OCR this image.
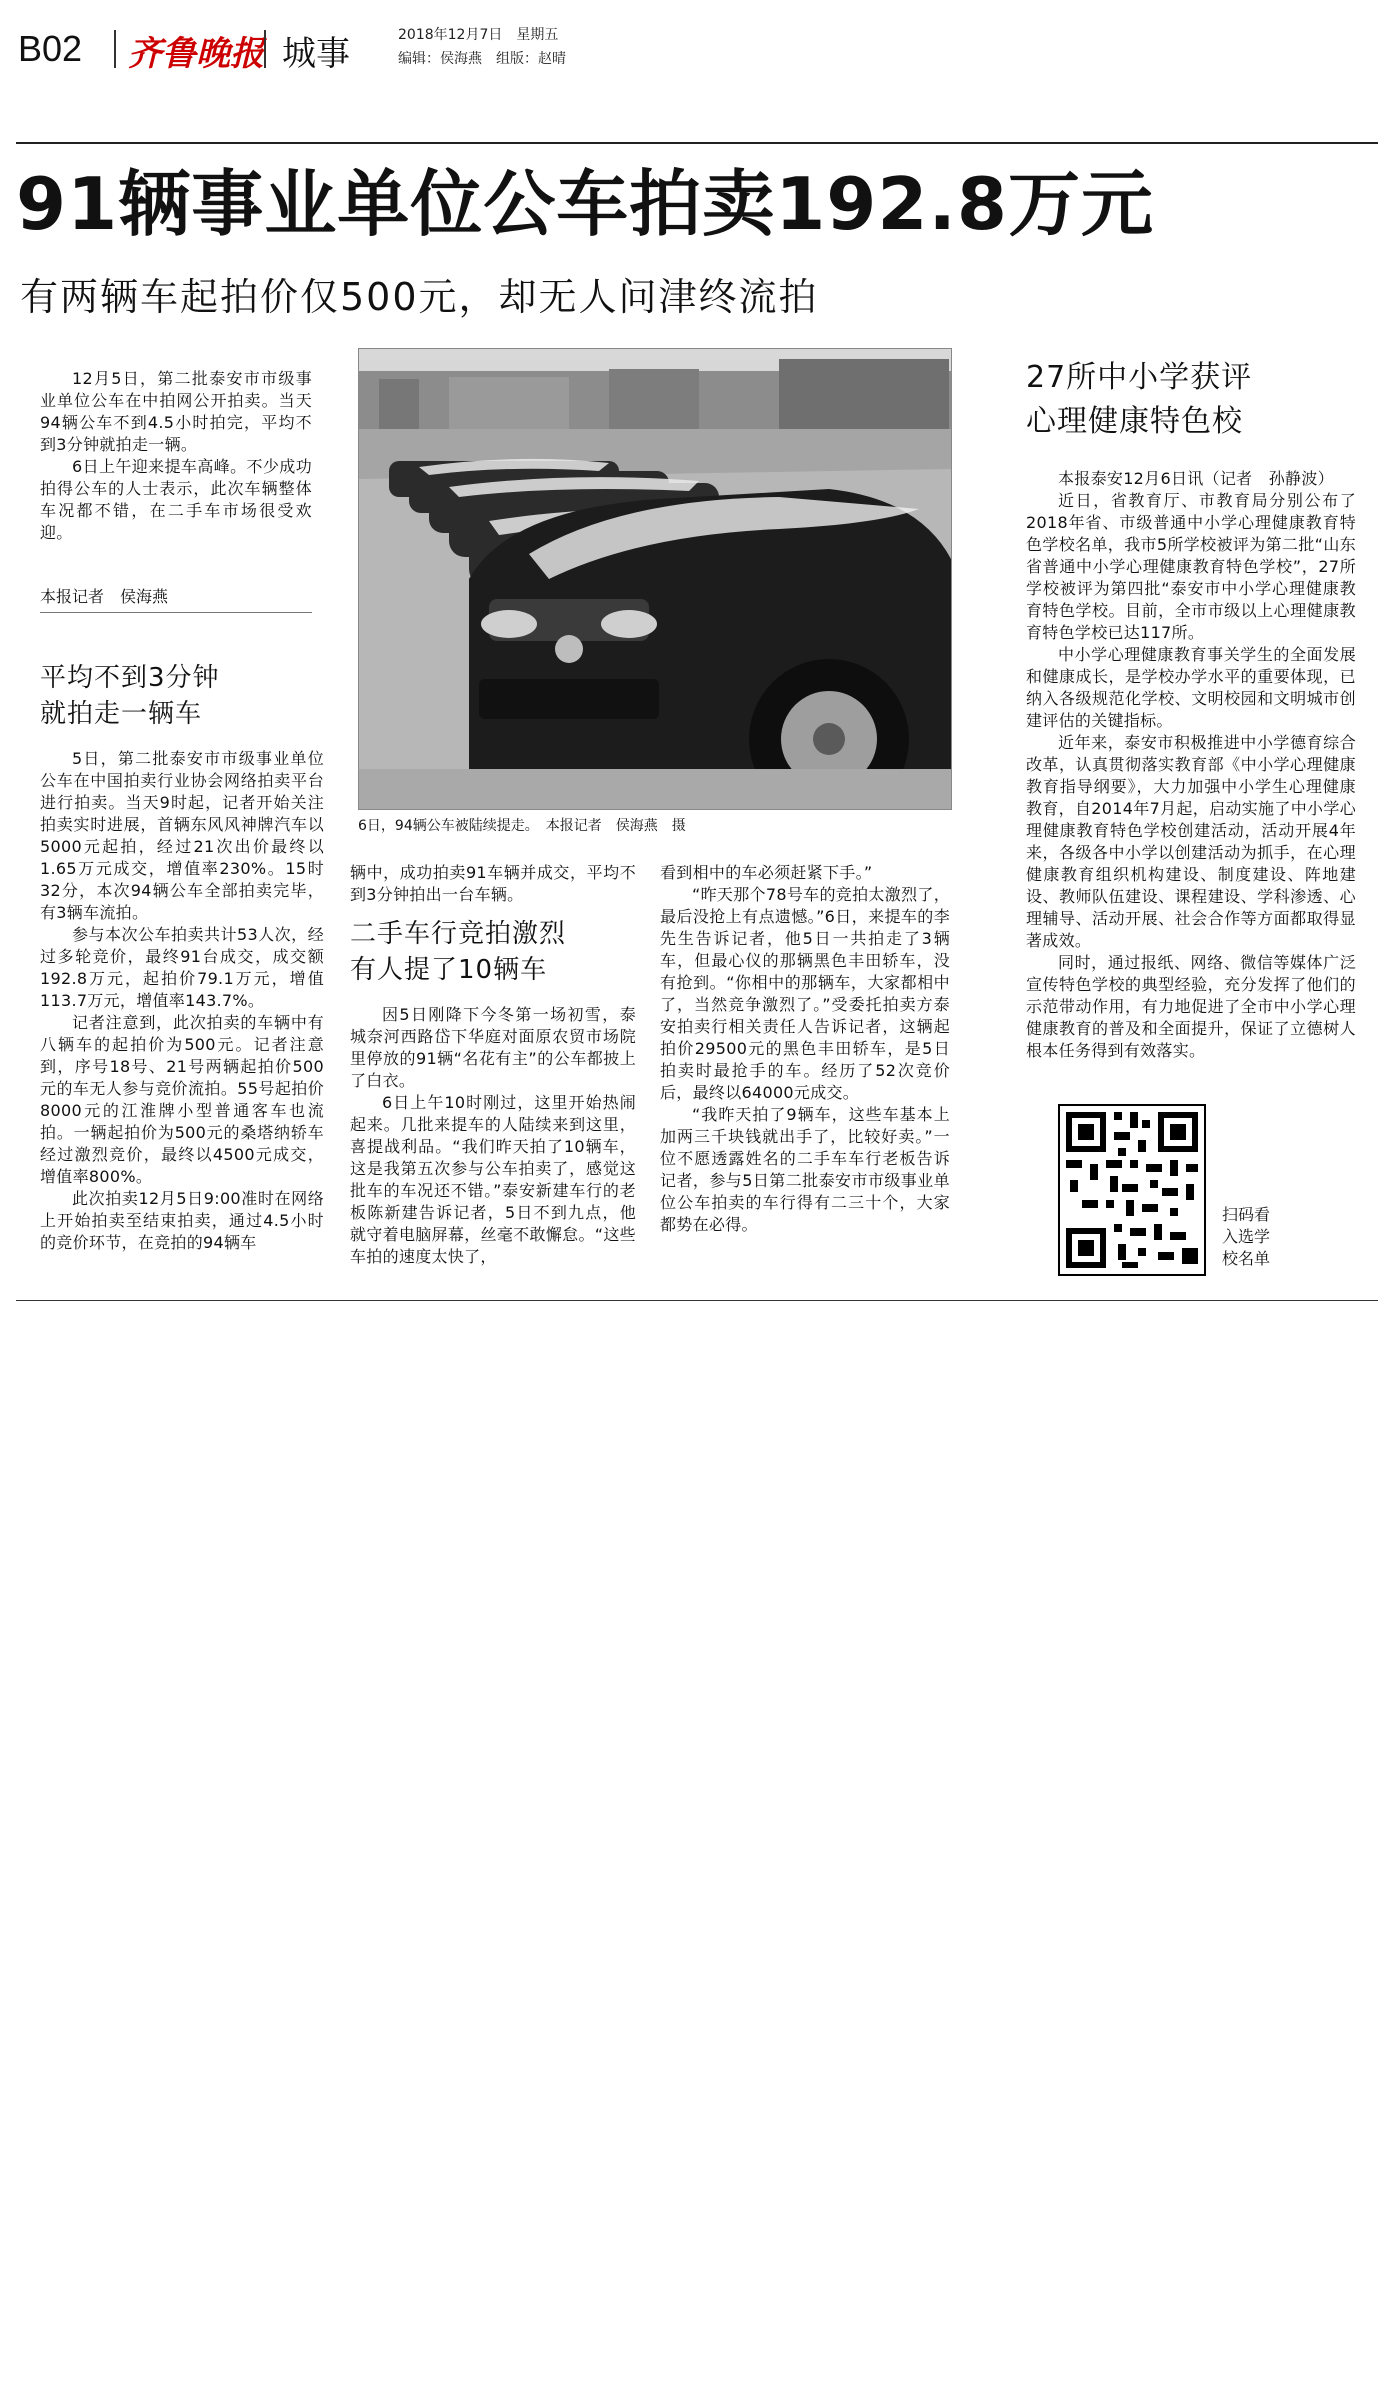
B02 齐鲁晚报 城事	2018年12月7日　星期五
编辑：侯海燕　组版：赵晴
91辆事业单位公车拍卖192.8万元
有两辆车起拍价仅500元，却无人问津终流拍

12月5日，第二批泰安市市级事业单位公车在中拍网公开拍卖。当天94辆公车不到4.5小时拍完，平均不到3分钟就拍走一辆。

6日上午迎来提车高峰。不少成功拍得公车的人士表示，此次车辆整体车况都不错，在二手车市场很受欢迎。

本报记者　侯海燕
平均不到3分钟
就拍走一辆车

5日，第二批泰安市市级事业单位公车在中国拍卖行业协会网络拍卖平台进行拍卖。当天9时起，记者开始关注拍卖实时进展，首辆东风风神牌汽车以5000元起拍，经过21次出价最终以1.65万元成交，增值率230%。15时32分，本次94辆公车全部拍卖完毕，有3辆车流拍。

参与本次公车拍卖共计53人次，经过多轮竞价，最终91台成交，成交额192.8万元，起拍价79.1万元，增值113.7万元，增值率143.7%。

记者注意到，此次拍卖的车辆中有八辆车的起拍价为500元。记者注意到，序号18号、21号两辆起拍价500元的车无人参与竞价流拍。55号起拍价8000元的江淮牌小型普通客车也流拍。一辆起拍价为500元的桑塔纳轿车经过激烈竞价，最终以4500元成交，增值率800%。

此次拍卖12月5日9:00准时在网络上开始拍卖至结束拍卖，通过4.5小时的竞价环节，在竞拍的94辆车

6日，94辆公车被陆续提走。　本报记者　侯海燕　摄

辆中，成功拍卖91车辆并成交，平均不到3分钟拍出一台车辆。

二手车行竞拍激烈
有人提了10辆车

因5日刚降下今冬第一场初雪，泰城奈河西路岱下华庭对面原农贸市场院里停放的91辆“名花有主”的公车都披上了白衣。

6日上午10时刚过，这里开始热闹起来。几批来提车的人陆续来到这里，喜提战利品。“我们昨天拍了10辆车，这是我第五次参与公车拍卖了，感觉这批车的车况还不错。”泰安新建车行的老板陈新建告诉记者，5日不到九点，他就守着电脑屏幕，丝毫不敢懈怠。“这些车拍的速度太快了，

看到相中的车必须赶紧下手。”

“昨天那个78号车的竞拍太激烈了，最后没抢上有点遗憾。”6日，来提车的李先生告诉记者，他5日一共拍走了3辆车，但最心仪的那辆黑色丰田轿车，没有抢到。“你相中的那辆车，大家都相中了，当然竞争激烈了。”受委托拍卖方泰安拍卖行相关责任人告诉记者，这辆起拍价29500元的黑色丰田轿车，是5日拍卖时最抢手的车。经历了52次竞价后，最终以64000元成交。

“我昨天拍了9辆车，这些车基本上加两三千块钱就出手了，比较好卖。”一位不愿透露姓名的二手车车行老板告诉记者，参与5日第二批泰安市市级事业单位公车拍卖的车行得有二三十个，大家都势在必得。

27所中小学获评
心理健康特色校

本报泰安12月6日讯（记者　孙静波）

近日，省教育厅、市教育局分别公布了2018年省、市级普通中小学心理健康教育特色学校名单，我市5所学校被评为第二批“山东省普通中小学心理健康教育特色学校”，27所学校被评为第四批“泰安市中小学心理健康教育特色学校。目前，全市市级以上心理健康教育特色学校已达117所。

中小学心理健康教育事关学生的全面发展和健康成长，是学校办学水平的重要体现，已纳入各级规范化学校、文明校园和文明城市创建评估的关键指标。

近年来，泰安市积极推进中小学德育综合改革，认真贯彻落实教育部《中小学心理健康教育指导纲要》，大力加强中小学生心理健康教育，自2014年7月起，启动实施了中小学心理健康教育特色学校创建活动，活动开展4年来，各级各中小学以创建活动为抓手，在心理健康教育组织机构建设、制度建设、阵地建设、教师队伍建设、课程建设、学科渗透、心理辅导、活动开展、社会合作等方面都取得显著成效。

同时，通过报纸、网络、微信等媒体广泛宣传特色学校的典型经验，充分发挥了他们的示范带动作用，有力地促进了全市中小学心理健康教育的普及和全面提升，保证了立德树人根本任务得到有效落实。

扫码看
入选学
校名单
